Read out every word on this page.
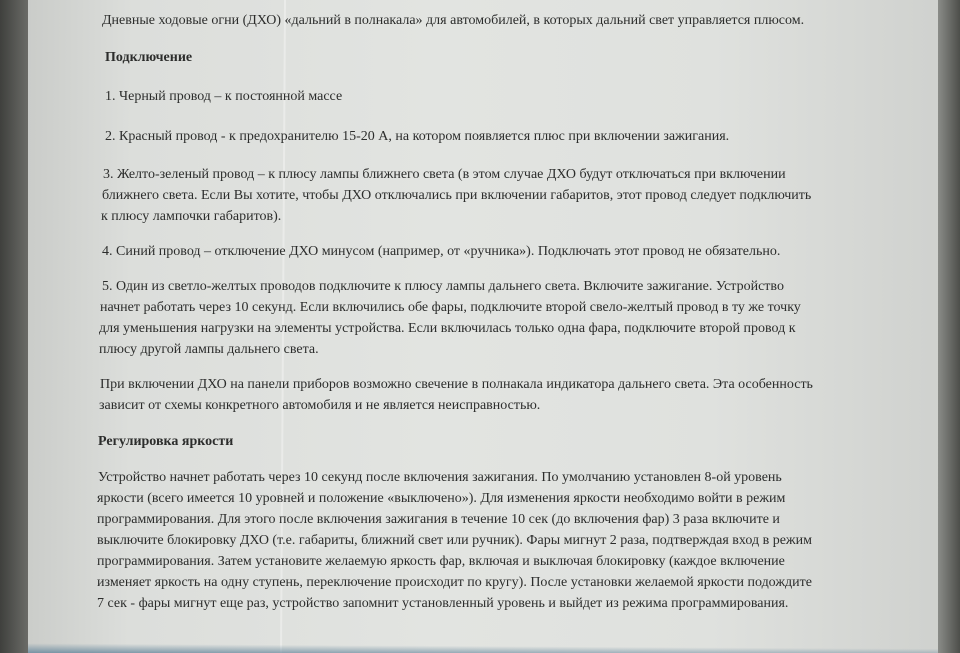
Дневные ходовые огни (ДХО) «дальний в полнакала» для автомобилей, в которых дальний свет управляется плюсом.
Подключение
1. Черный провод – к постоянной массе
2. Красный провод - к предохранителю 15-20 А, на котором появляется плюс при включении зажигания.
3. Желто-зеленый провод – к плюсу лампы ближнего света (в этом случае ДХО будут отключаться при включении
ближнего света. Если Вы хотите, чтобы ДХО отключались при включении габаритов, этот провод следует подключить
к плюсу лампочки габаритов).
4. Синий провод – отключение ДХО минусом (например, от «ручника»). Подключать этот провод не обязательно.
5. Один из светло-желтых проводов подключите к плюсу лампы дальнего света. Включите зажигание. Устройство
начнет работать через 10 секунд. Если включились обе фары, подключите второй свело-желтый провод в ту же точку
для уменьшения нагрузки на элементы устройства. Если включилась только одна фара, подключите второй провод к
плюсу другой лампы дальнего света.
При включении ДХО на панели приборов возможно свечение в полнакала индикатора дальнего света. Эта особенность
зависит от схемы конкретного автомобиля и не является неисправностью.
Регулировка яркости
Устройство начнет работать через 10 секунд после включения зажигания. По умолчанию установлен 8-ой уровень
яркости (всего имеется 10 уровней и положение «выключено»). Для изменения яркости необходимо войти в режим
программирования. Для этого после включения зажигания в течение 10 сек (до включения фар) 3 раза включите и
выключите блокировку ДХО (т.е. габариты, ближний свет или ручник). Фары мигнут 2 раза, подтверждая вход в режим
программирования. Затем установите желаемую яркость фар, включая и выключая блокировку (каждое включение
изменяет яркость на одну ступень, переключение происходит по кругу). После установки желаемой яркости подождите
7 сек - фары мигнут еще раз, устройство запомнит установленный уровень и выйдет из режима программирования.
